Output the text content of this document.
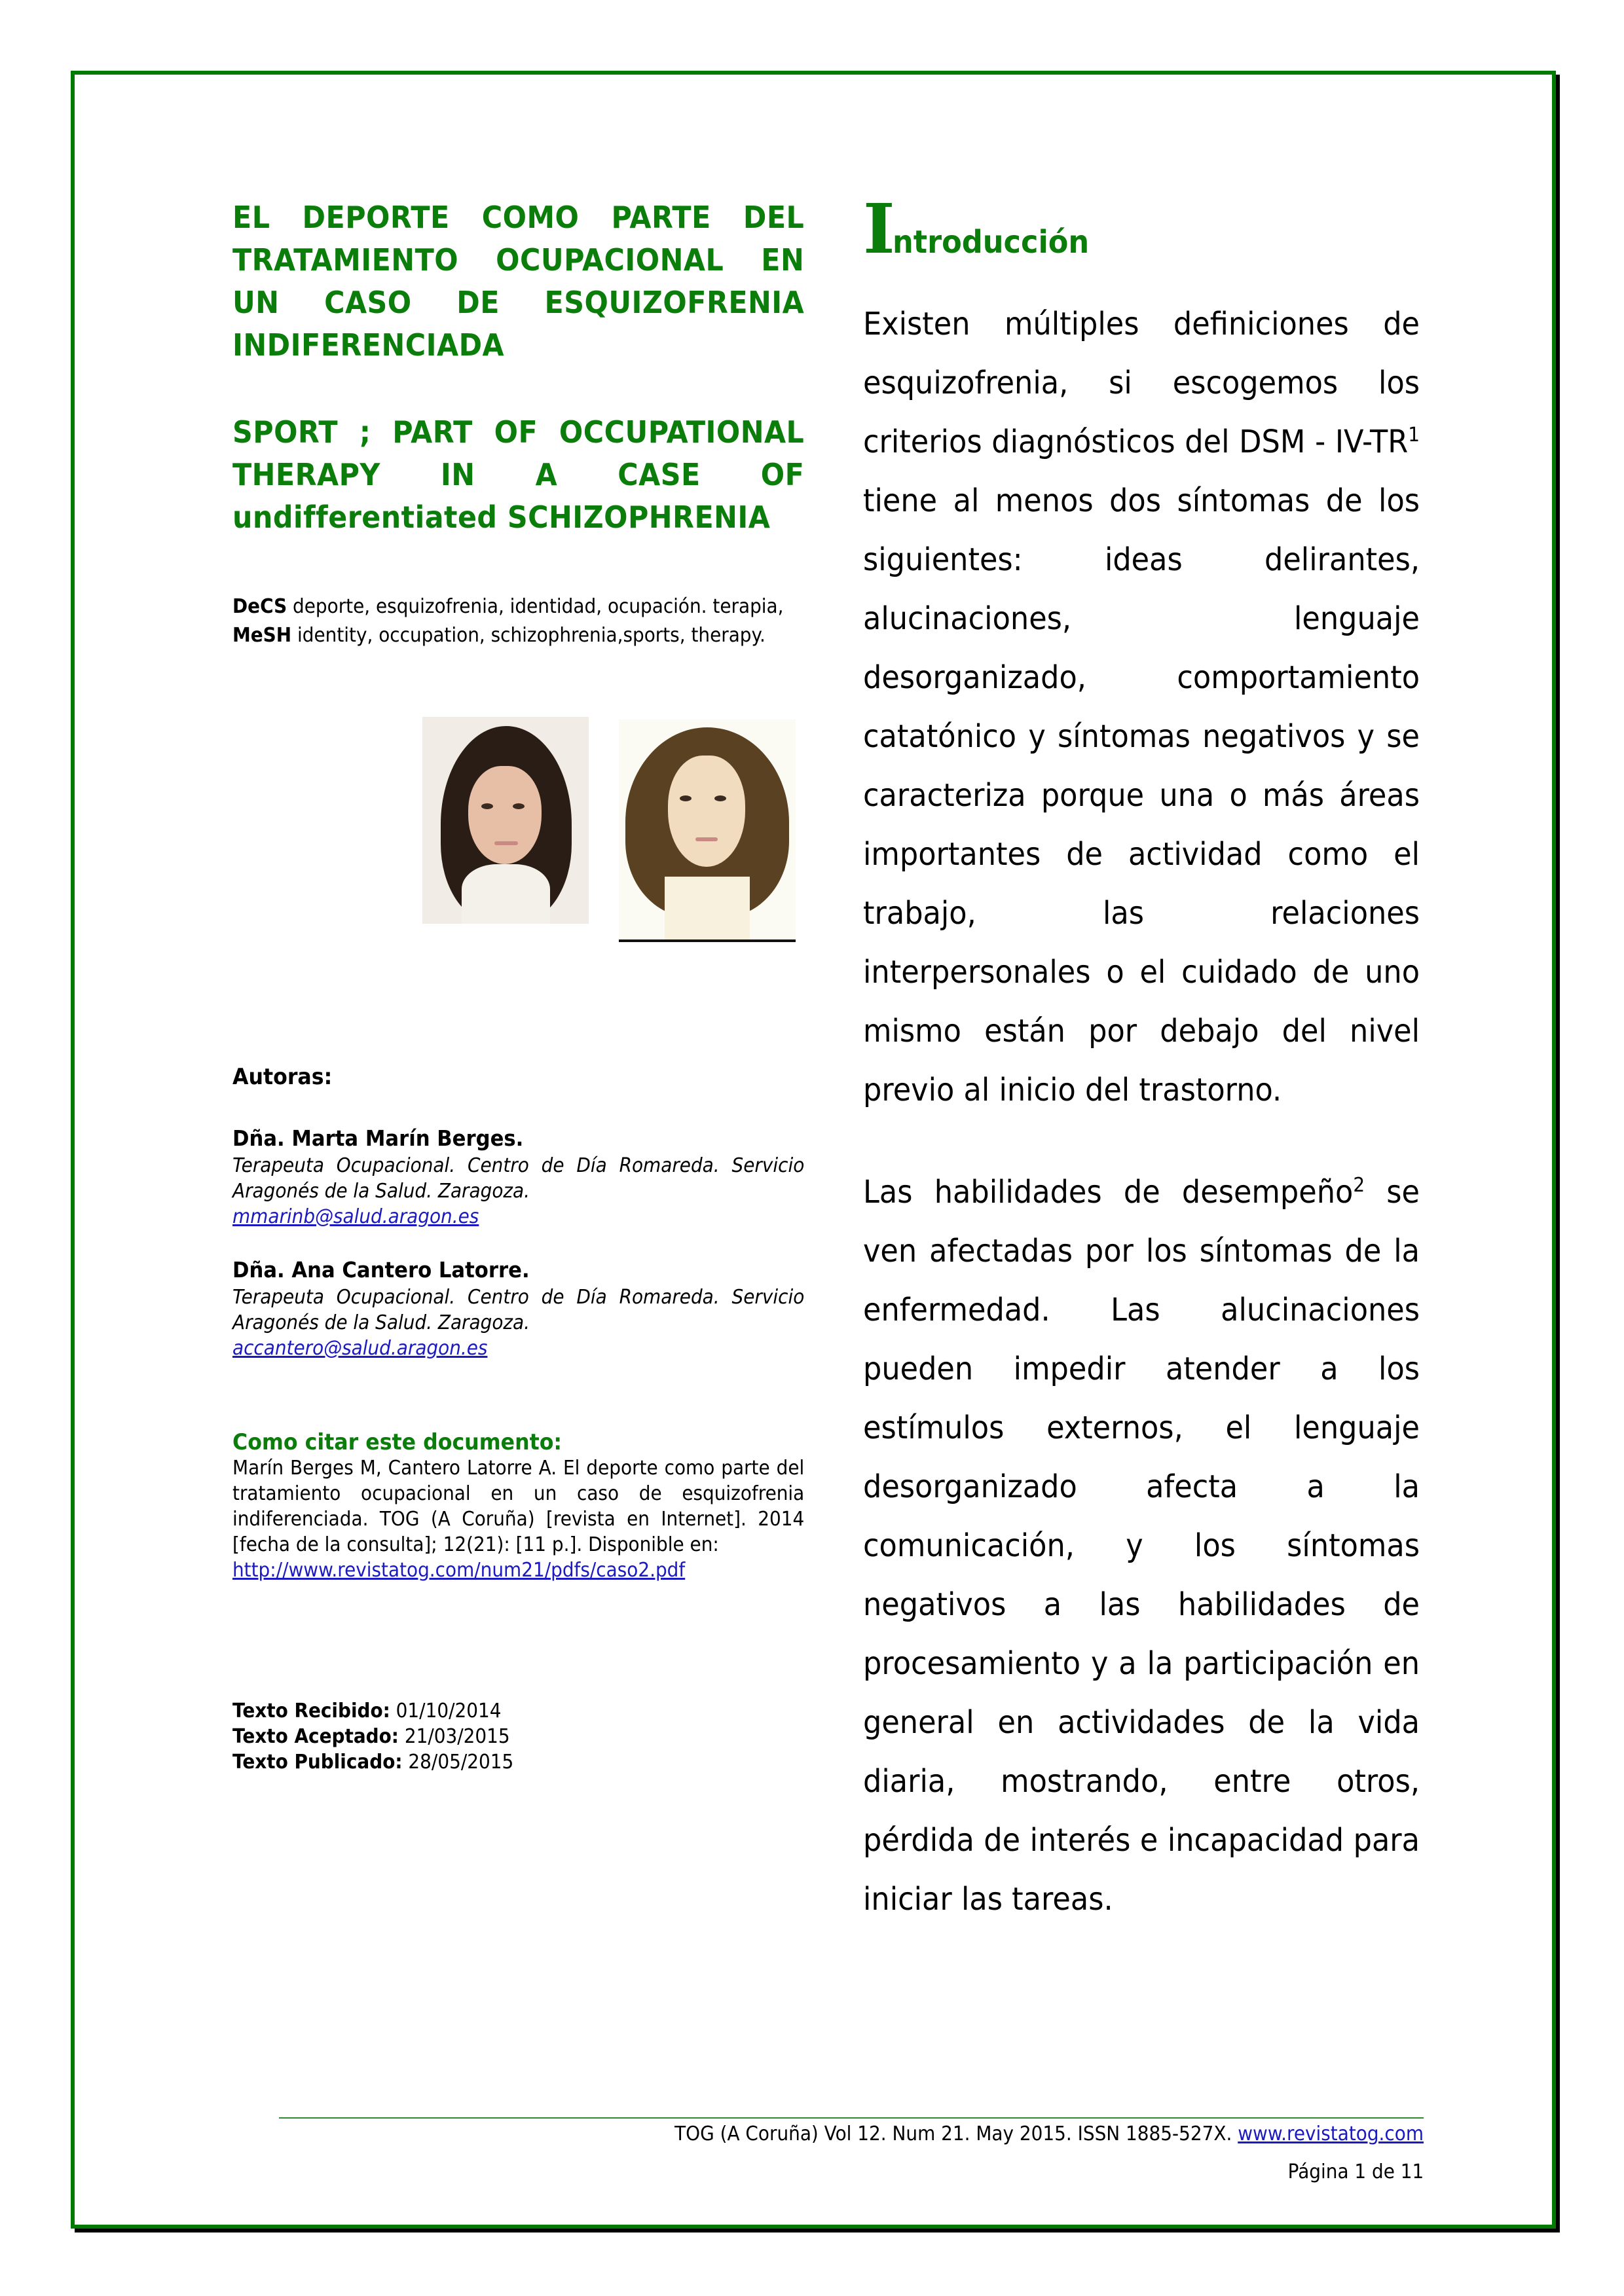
EL DEPORTE COMO PARTE DEL TRATAMIENTO OCUPACIONAL EN UN CASO DE ESQUIZOFRENIA INDIFERENCIADA
SPORT ; PART OF OCCUPATIONAL THERAPY IN A CASE OF undifferentiated SCHIZOPHRENIA
DeCS deporte, esquizofrenia, identidad, ocupación. terapia,
MeSH identity, occupation, schizophrenia,sports, therapy.
Autoras:
Dña. Marta Marín Berges.
Terapeuta Ocupacional. Centro de Día Romareda. Servicio Aragonés de la Salud. Zaragoza.
mmarinb@salud.aragon.es
Dña. Ana Cantero Latorre.
Terapeuta Ocupacional. Centro de Día Romareda. Servicio Aragonés de la Salud. Zaragoza.
accantero@salud.aragon.es
Como citar este documento:
Marín Berges M, Cantero Latorre A. El deporte como parte del tratamiento ocupacional en un caso de esquizofrenia indiferenciada. TOG (A Coruña) [revista en Internet]. 2014 [fecha de la consulta]; 12(21): [11 p.]. Disponible en:
http://www.revistatog.com/num21/pdfs/caso2.pdf
Texto Recibido: 01/10/2014
Texto Aceptado: 21/03/2015
Texto Publicado: 28/05/2015
Introducción

Existen múltiples definiciones de esquizofrenia, si escogemos los criterios diagnósticos del DSM - $IV-TR^1$ tiene al menos dos síntomas de los siguientes: ideas delirantes, alucinaciones, lenguaje desorganizado, comportamiento catatónico y síntomas negativos y se caracteriza porque una o más áreas importantes de actividad como el trabajo, las relaciones interpersonales o el cuidado de uno mismo están por debajo del nivel previo al inicio del trastorno.

Las habilidades de desempeño$^2$ se ven afectadas por los síntomas de la enfermedad. Las alucinaciones pueden impedir atender a los estímulos externos, el lenguaje desorganizado afecta a la comunicación, y los síntomas negativos a las habilidades de procesamiento y a la participación en general en actividades de la vida diaria, mostrando, entre otros, pérdida de interés e incapacidad para iniciar las tareas.

TOG (A Coruña) Vol 12. Num 21. May 2015. ISSN 1885-527X. www.revistatog.com
Página 1 de 11
